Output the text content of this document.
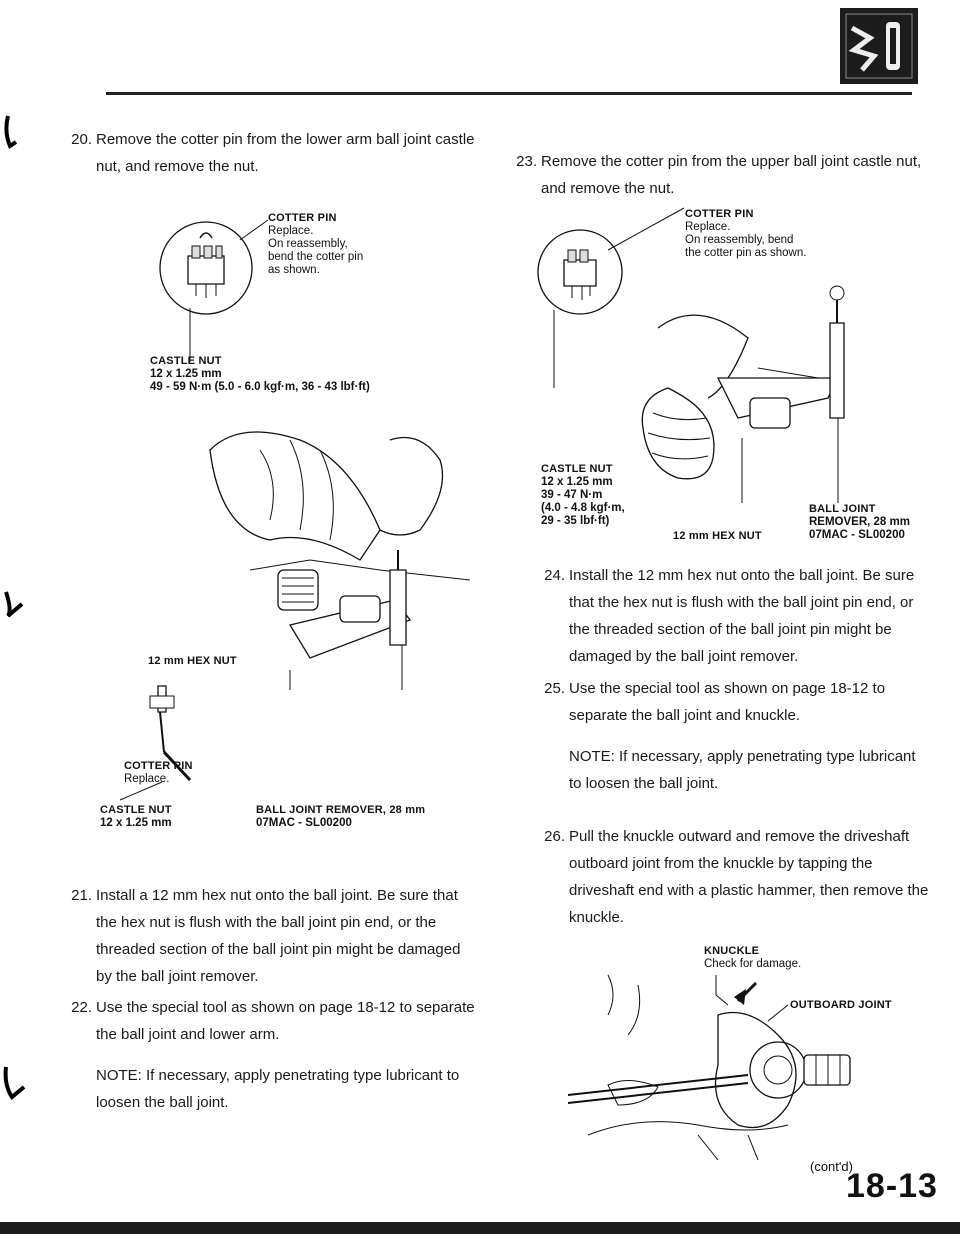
20. Remove the cotter pin from the lower arm ball joint castle nut, and remove the nut.

COTTER PIN
Replace.
On reassembly,
bend the cotter pin
as shown.
CASTLE NUT
12 x 1.25 mm
49 - 59 N·m (5.0 - 6.0 kgf·m, 36 - 43 lbf·ft)
12 mm HEX NUT
COTTER PIN
Replace.
CASTLE NUT
12 x 1.25 mm
BALL JOINT REMOVER, 28 mm
07MAC - SL00200
21. Install a 12 mm hex nut onto the ball joint. Be sure that the hex nut is flush with the ball joint pin end, or the threaded section of the ball joint pin might be damaged by the ball joint remover.

22. Use the special tool as shown on page 18-12 to separate the ball joint and lower arm.

NOTE: If necessary, apply penetrating type lubricant to loosen the ball joint.

23. Remove the cotter pin from the upper ball joint castle nut, and remove the nut.

COTTER PIN
Replace.
On reassembly, bend
the cotter pin as shown.
CASTLE NUT
12 x 1.25 mm
39 - 47 N·m
(4.0 - 4.8 kgf·m,
29 - 35 lbf·ft)
12 mm HEX NUT
BALL JOINT
REMOVER, 28 mm
07MAC - SL00200
24. Install the 12 mm hex nut onto the ball joint. Be sure that the hex nut is flush with the ball joint pin end, or the threaded section of the ball joint pin might be damaged by the ball joint remover.

25. Use the special tool as shown on page 18-12 to separate the ball joint and knuckle.

NOTE: If necessary, apply penetrating type lubricant to loosen the ball joint.

26. Pull the knuckle outward and remove the driveshaft outboard joint from the knuckle by tapping the driveshaft end with a plastic hammer, then remove the knuckle.

KNUCKLE
Check for damage.
OUTBOARD JOINT
(cont'd)
18-13
